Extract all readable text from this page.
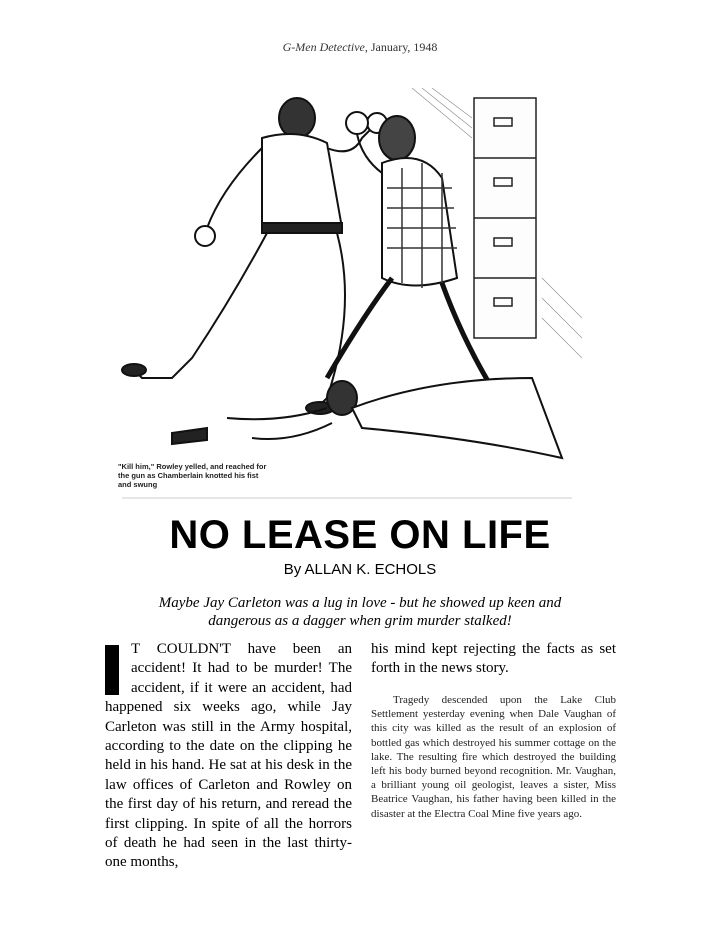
G-Men Detective, January, 1948
"Kill him," Rowley yelled, and reached for the gun as Chamberlain knotted his fist and swung
NO LEASE ON LIFE
By ALLAN K. ECHOLS
Maybe Jay Carleton was a lug in love - but he showed up keen and dangerous as a dagger when grim murder stalked!
T COULDN'T have been an accident! It had to be murder! The accident, if it were an accident, had happened six weeks ago, while Jay Carleton was still in the Army hospital, according to the date on the clipping he held in his hand. He sat at his desk in the law offices of Carleton and Rowley on the first day of his return, and reread the first clipping. In spite of all the horrors of death he had seen in the last thirty-one months,
his mind kept rejecting the facts as set forth in the news story.
Tragedy descended upon the Lake Club Settlement yesterday evening when Dale Vaughan of this city was killed as the result of an explosion of bottled gas which destroyed his summer cottage on the lake. The resulting fire which destroyed the building left his body burned beyond recognition. Mr. Vaughan, a brilliant young oil geologist, leaves a sister, Miss Beatrice Vaughan, his father having been killed in the disaster at the Electra Coal Mine five years ago.
